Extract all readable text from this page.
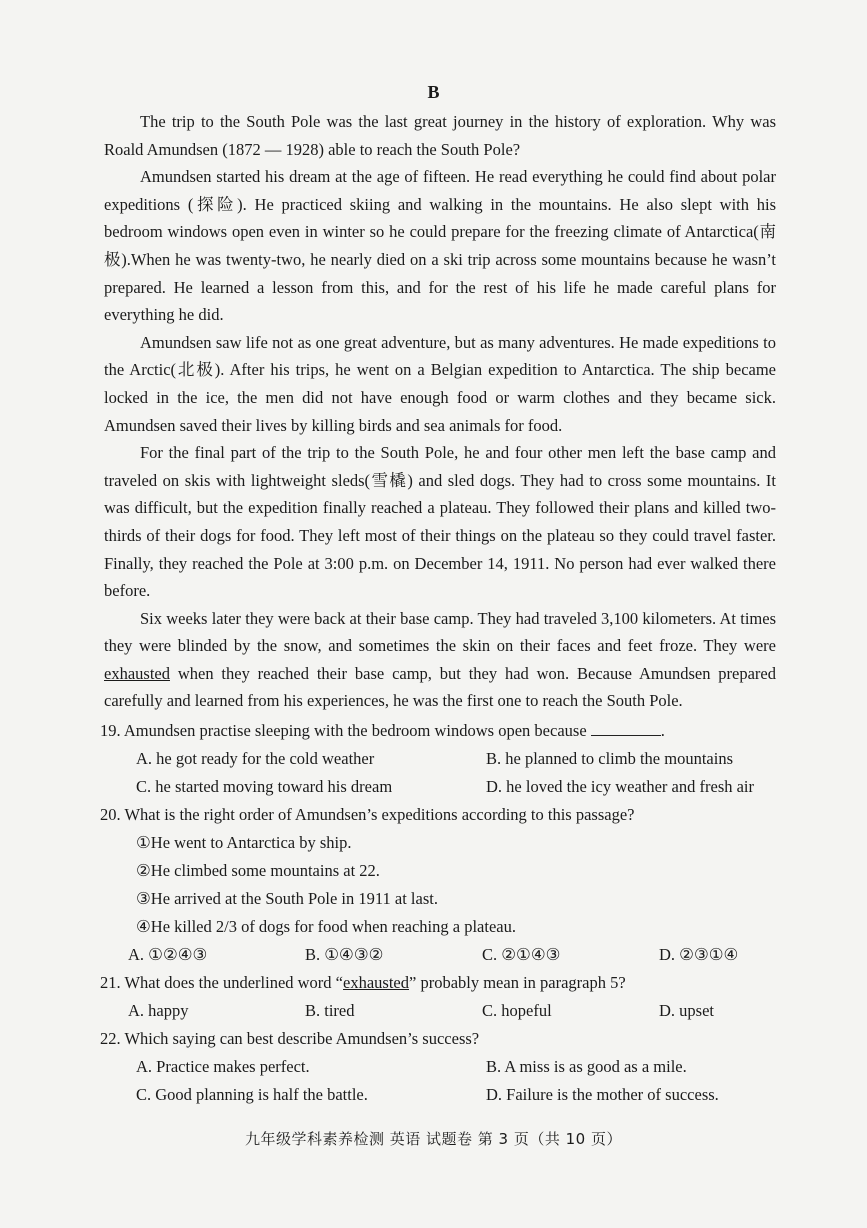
B

The trip to the South Pole was the last great journey in the history of exploration. Why was Roald Amundsen (1872 — 1928) able to reach the South Pole?

Amundsen started his dream at the age of fifteen. He read everything he could find about polar expeditions (探险). He practiced skiing and walking in the mountains. He also slept with his bedroom windows open even in winter so he could prepare for the freezing climate of Antarctica(南极).When he was twenty-two, he nearly died on a ski trip across some mountains because he wasn’t prepared. He learned a lesson from this, and for the rest of his life he made careful plans for everything he did.

Amundsen saw life not as one great adventure, but as many adventures. He made expeditions to the Arctic(北极). After his trips, he went on a Belgian expedition to Antarctica. The ship became locked in the ice, the men did not have enough food or warm clothes and they became sick. Amundsen saved their lives by killing birds and sea animals for food.

For the final part of the trip to the South Pole, he and four other men left the base camp and traveled on skis with lightweight sleds(雪橇) and sled dogs. They had to cross some mountains. It was difficult, but the expedition finally reached a plateau. They followed their plans and killed two-thirds of their dogs for food. They left most of their things on the plateau so they could travel faster. Finally, they reached the Pole at 3:00 p.m. on December 14, 1911. No person had ever walked there before.

Six weeks later they were back at their base camp. They had traveled 3,100 kilometers. At times they were blinded by the snow, and sometimes the skin on their faces and feet froze. They were exhausted when they reached their base camp, but they had won. Because Amundsen prepared carefully and learned from his experiences, he was the first one to reach the South Pole.

19. Amundsen practise sleeping with the bedroom windows open because	.
A. he got ready for the cold weather	B. he planned to climb the mountains
C. he started moving toward his dream	D. he loved the icy weather and fresh air
20. What is the right order of Amundsen’s expeditions according to this passage?
①He went to Antarctica by ship.
②He climbed some mountains at 22.
③He arrived at the South Pole in 1911 at last.
④He killed 2/3 of dogs for food when reaching a plateau.
A. ①②④③	B. ①④③②	C. ②①④③	D. ②③①④
21. What does the underlined word “exhausted” probably mean in paragraph 5?
A. happy	B. tired	C. hopeful	D. upset
22. Which saying can best describe Amundsen’s success?
A. Practice makes perfect.	B. A miss is as good as a mile.
C. Good planning is half the battle.	D. Failure is the mother of success.
九年级学科素养检测 英语 试题卷 第 3 页（共 10 页）
